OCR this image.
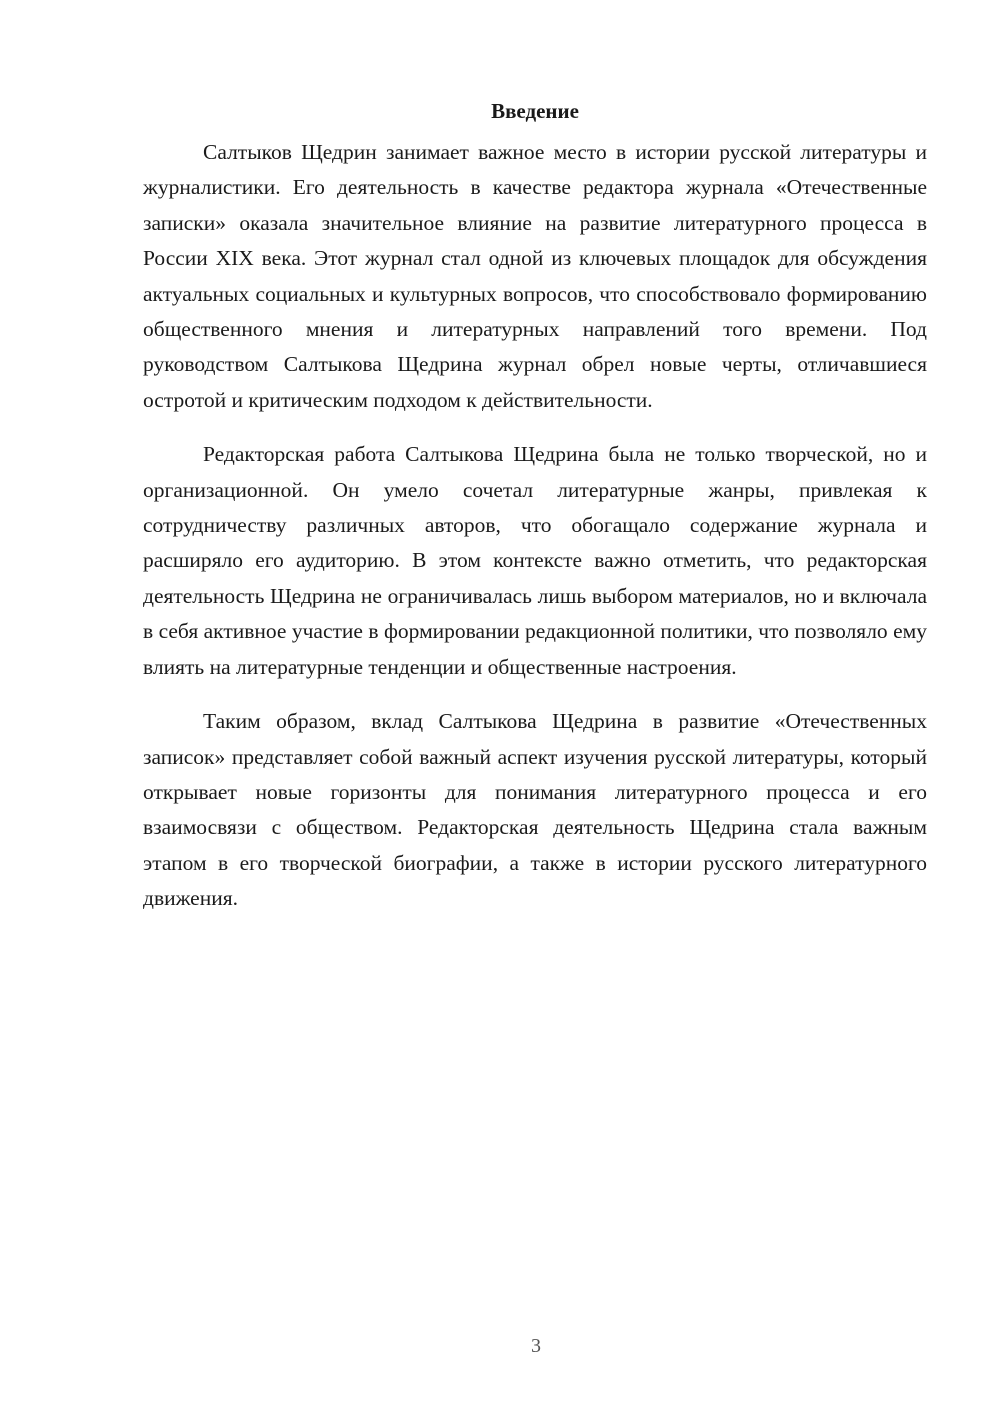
Введение

Салтыков Щедрин занимает важное место в истории русской литературы и журналистики. Его деятельность в качестве редактора журнала «Отечественные записки» оказала значительное влияние на развитие литературного процесса в России XIX века. Этот журнал стал одной из ключевых площадок для обсуждения актуальных социальных и культурных вопросов, что способствовало формированию общественного мнения и литературных направлений того времени. Под руководством Салтыкова Щедрина журнал обрел новые черты, отличавшиеся остротой и критическим подходом к действительности.

Редакторская работа Салтыкова Щедрина была не только творческой, но и организационной. Он умело сочетал литературные жанры, привлекая к сотрудничеству различных авторов, что обогащало содержание журнала и расширяло его аудиторию. В этом контексте важно отметить, что редакторская деятельность Щедрина не ограничивалась лишь выбором материалов, но и включала в себя активное участие в формировании редакционной политики, что позволяло ему влиять на литературные тенденции и общественные настроения.

Таким образом, вклад Салтыкова Щедрина в развитие «Отечественных записок» представляет собой важный аспект изучения русской литературы, который открывает новые горизонты для понимания литературного процесса и его взаимосвязи с обществом. Редакторская деятельность Щедрина стала важным этапом в его творческой биографии, а также в истории русского литературного движения.

3
